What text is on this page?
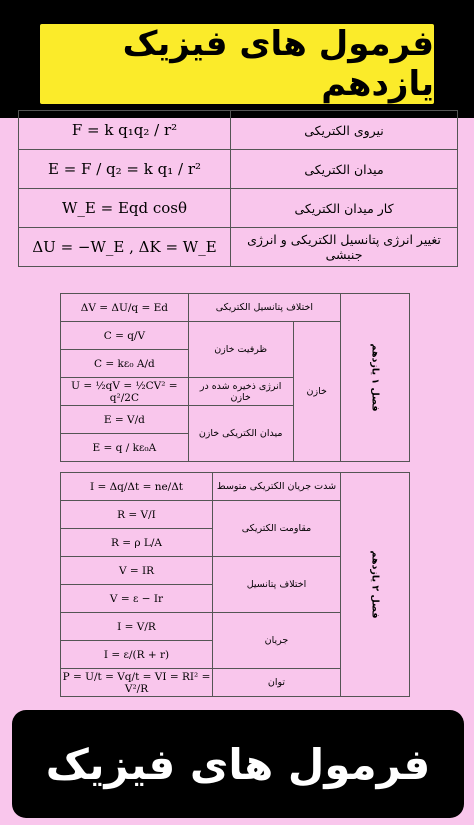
فرمول های فیزیک یازدهم
F = k q₁q₂ / r²	نیروی الکتریکی
E = F / q₂ = k q₁ / r²	میدان الکتریکی
W_E = Eqd cosθ	کار میدان الکتریکی
ΔU = −W_E , ΔK = W_E	تغییر انرژی پتانسیل الکتریکی و انرژی جنبشی
ΔV = ΔU/q = Ed	اختلاف پتانسیل الکتریکی		فصل ۱ یازدهم
C = q/V	ظرفیت خازن	خازن	
C = kε₀ A/d			
U = ½qV = ½CV² = q²/2C	انرژی ذخیره شده در خازن		
E = V/d	میدان الکتریکی خازن		
E = q / kε₀A			
I = Δq/Δt = ne/Δt	شدت جریان الکتریکی متوسط	فصل ۲ یازدهم
R = V/I	مقاومت الکتریکی	
R = ρ L/A		
V = IR	اختلاف پتانسیل	
V = ε − Ir		
I = V/R	جریان	
I = ε/(R + r)		
P = U/t = Vq/t = VI = RI² = V²/R	توان	
فرمول های فیزیک
